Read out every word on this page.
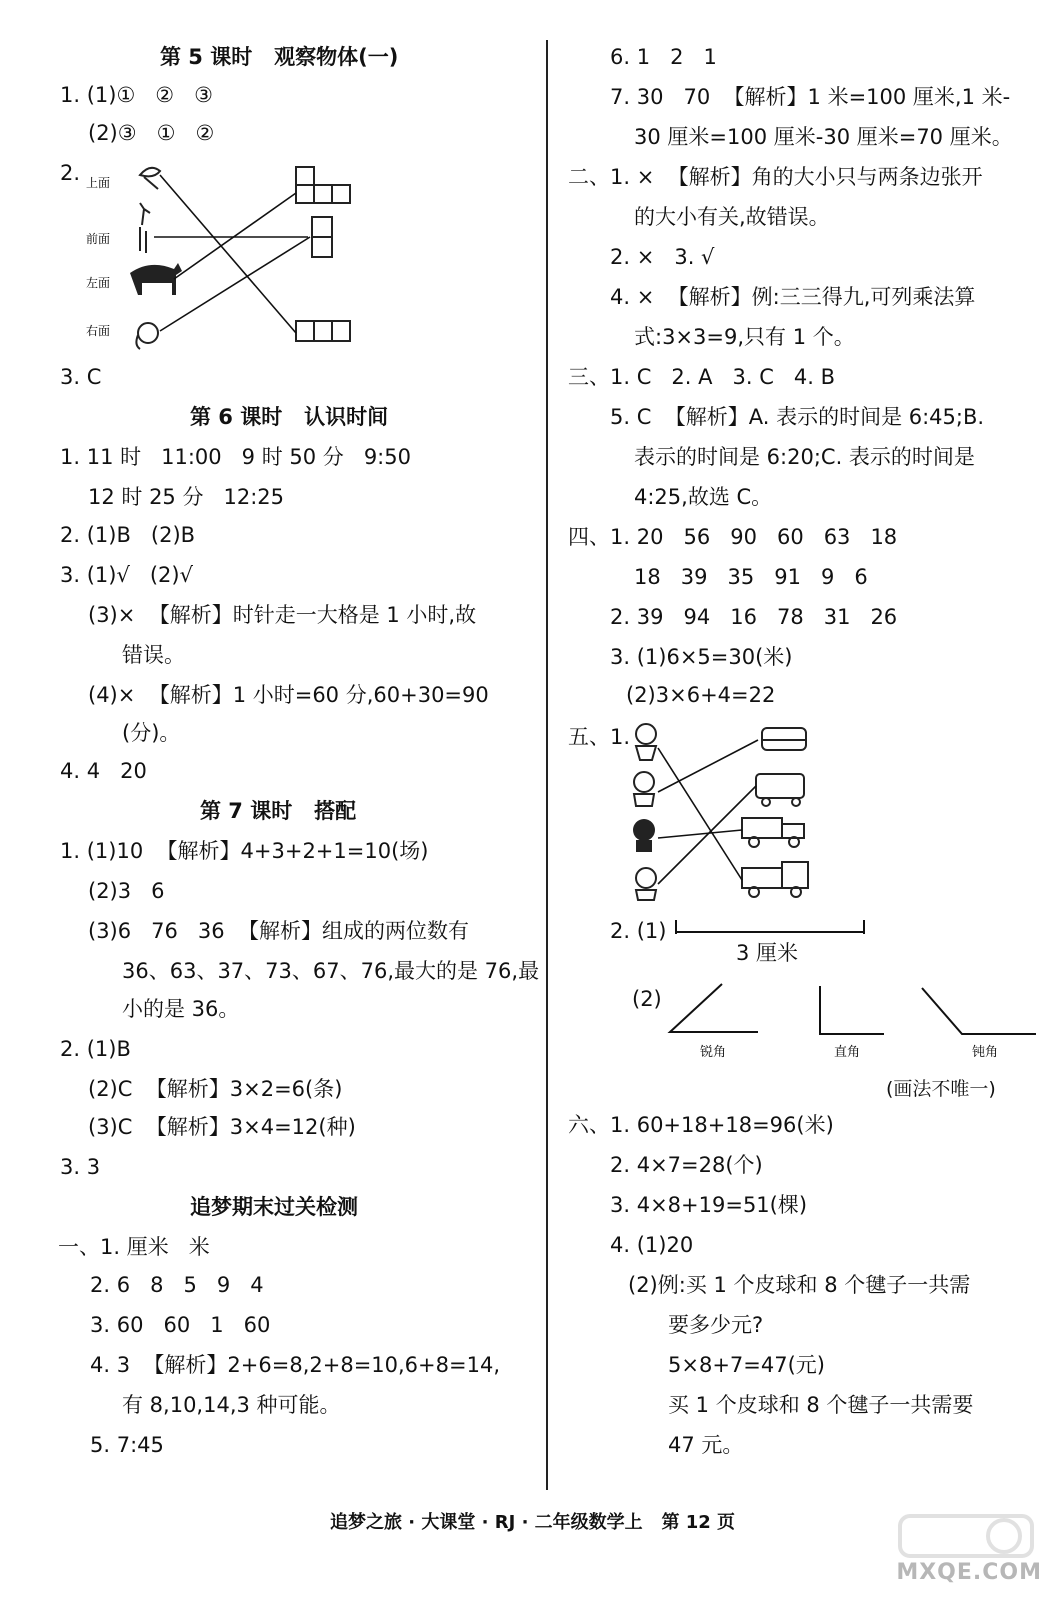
第 5 课时   观察物体(一)
1. (1)①   ②   ③
(2)③   ①   ②
2. 上面
前面
左面
右面
3. C
第 6 课时   认识时间
1. 11 时   11:00   9 时 50 分   9:50
12 时 25 分   12:25
2. (1)B   (2)B
3. (1)√   (2)√
(3)×  【解析】时针走一大格是 1 小时,故
错误。
(4)×  【解析】1 小时=60 分,60+30=90
(分)。
4. 4   20
第 7 课时   搭配
1. (1)10  【解析】4+3+2+1=10(场)
(2)3   6
(3)6   76   36  【解析】组成的两位数有
36、63、37、73、67、76,最大的是 76,最
小的是 36。
2. (1)B
(2)C  【解析】3×2=6(条)
(3)C  【解析】3×4=12(种)
3. 3
追梦期末过关检测
一、1. 厘米   米
2. 6   8   5   9   4
3. 60   60   1   60
4. 3  【解析】2+6=8,2+8=10,6+8=14,
有 8,10,14,3 种可能。
5. 7:45
6. 1   2   1
7. 30   70  【解析】1 米=100 厘米,1 米-
30 厘米=100 厘米-30 厘米=70 厘米。
二、1. ×  【解析】角的大小只与两条边张开
的大小有关,故错误。
2. ×   3. √
4. ×  【解析】例:三三得九,可列乘法算
式:3×3=9,只有 1 个。
三、1. C   2. A   3. C   4. B
5. C  【解析】A. 表示的时间是 6:45;B.
表示的时间是 6:20;C. 表示的时间是
4:25,故选 C。
四、1. 20   56   90   60   63   18
18   39   35   91   9   6
2. 39   94   16   78   31   26
3. (1)6×5=30(米)
(2)3×6+4=22
五、1.
2. (1)
3 厘米
(2)
锐角	直角	钝角
(画法不唯一)
六、1. 60+18+18=96(米)
2. 4×7=28(个)
3. 4×8+19=51(棵)
4. (1)20
(2)例:买 1 个皮球和 8 个毽子一共需
要多少元?
5×8+7=47(元)
买 1 个皮球和 8 个毽子一共需要
47 元。
追梦之旅 · 大课堂 · RJ · 二年级数学上   第 12 页
MXQE.COM
